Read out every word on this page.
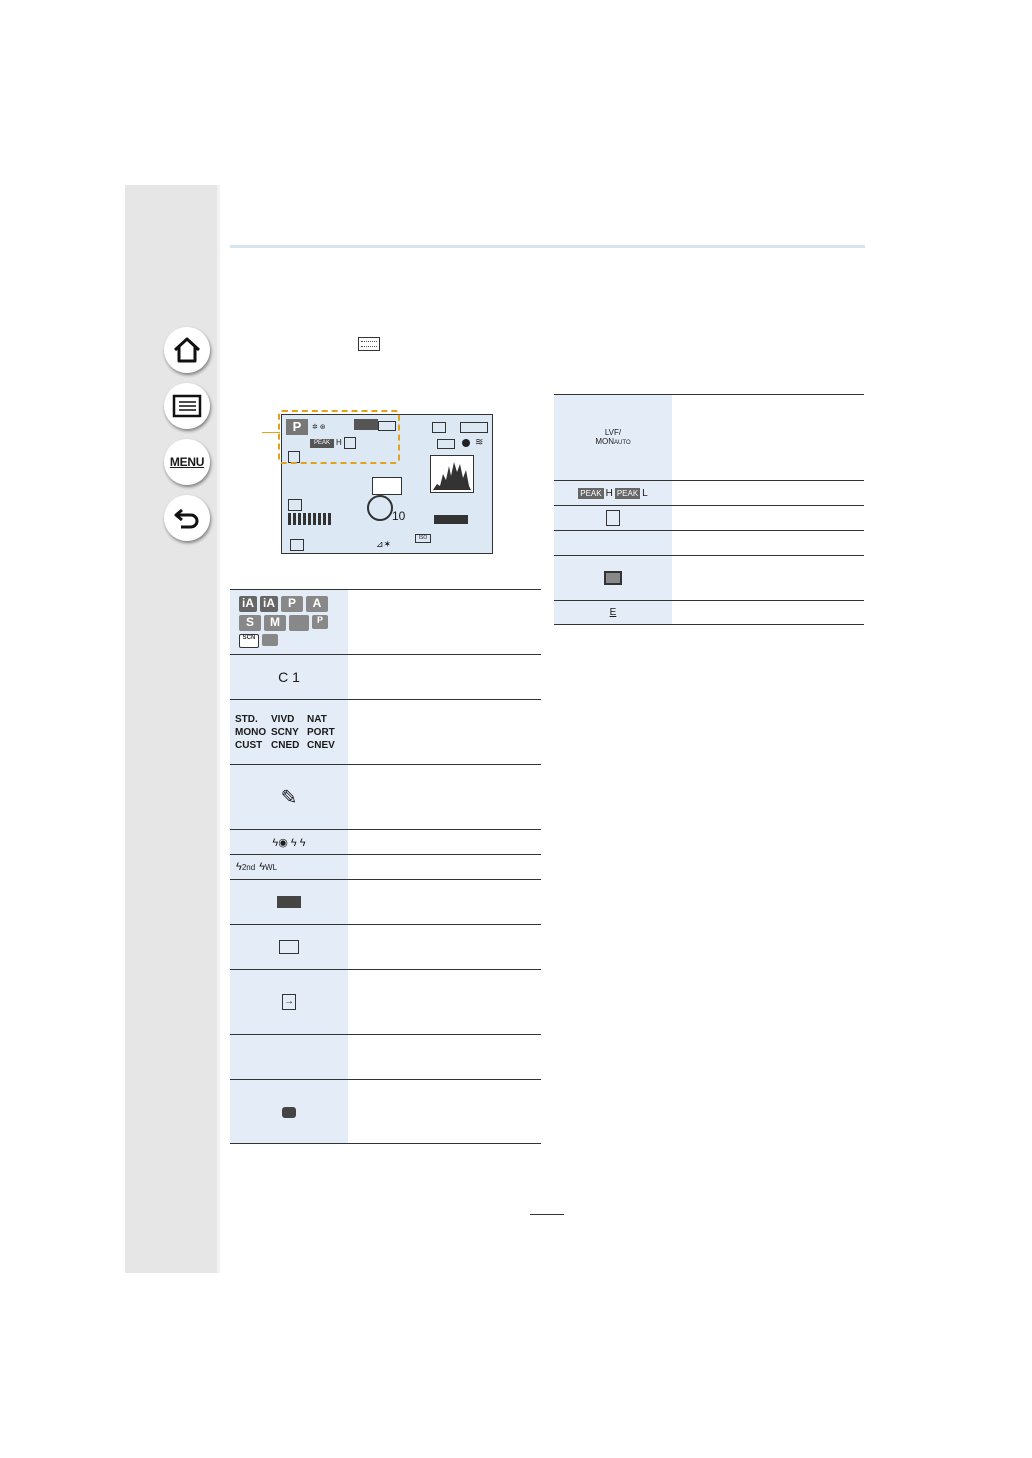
MENU
P	✲ ⊛
PEAK H	≋
10
⊿✶
ISO
iA iA	P	A
S	M	P
SCN
C 1
STD.	VIVD	NAT
MONO SCNY PORT
CUST CNED CNEV
✎
ϟ◉ ϟ ϟ
ϟ 2nd ϟ WL
→
LVF/
MONAUTO
PEAK H PEAK L
E
